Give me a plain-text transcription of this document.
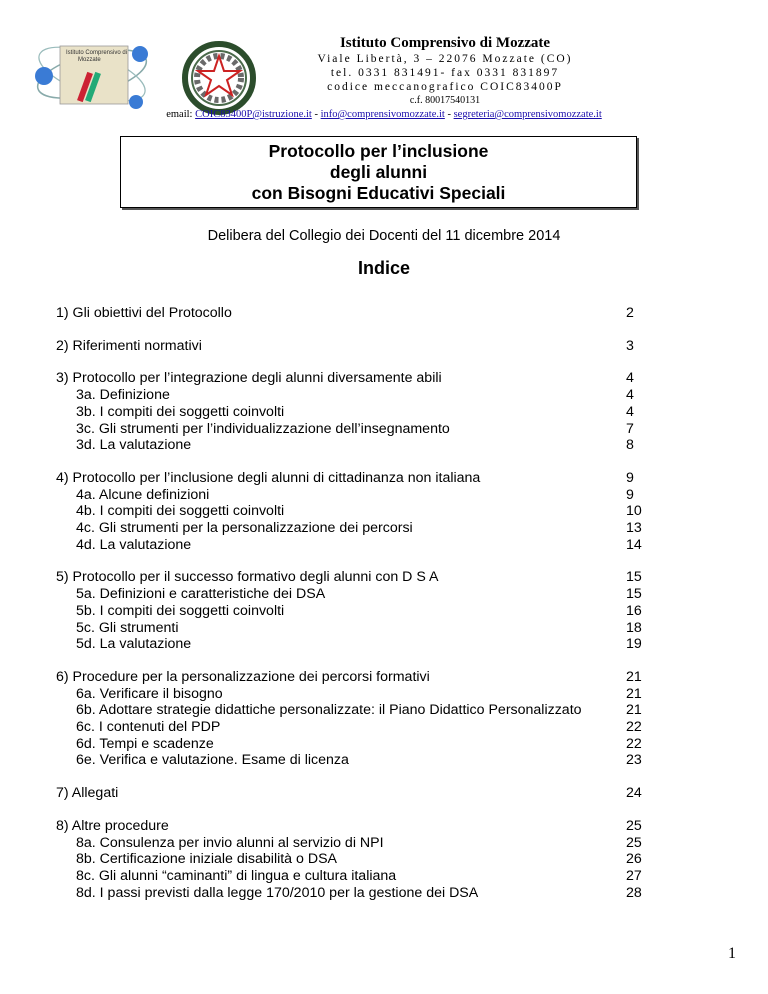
Istituto Comprensivo di
Mozzate
Istituto Comprensivo di Mozzate
Viale Libertà, 3 – 22076 Mozzate (CO)
tel. 0331 831491- fax 0331 831897
codice meccanografico COIC83400P
c.f. 80017540131
email: COIC83400P@istruzione.it - info@comprensivomozzate.it - segreteria@comprensivomozzate.it
Protocollo per l’inclusione
degli alunni
con Bisogni Educativi Speciali
Delibera del Collegio dei Docenti del 11 dicembre 2014
Indice
1) Gli obiettivi del Protocollo	2
2) Riferimenti normativi	3
3) Protocollo per l’integrazione degli alunni diversamente abili	4
3a. Definizione	4
3b. I compiti dei soggetti coinvolti	4
3c. Gli strumenti per l’individualizzazione dell’insegnamento	7
3d. La valutazione	8
4) Protocollo per l’inclusione degli alunni di cittadinanza non italiana	9
4a. Alcune definizioni	9
4b. I compiti dei soggetti coinvolti	10
4c. Gli strumenti per la personalizzazione dei percorsi	13
4d. La valutazione	14
5) Protocollo per il successo formativo degli alunni con D S A	15
5a. Definizioni e caratteristiche dei DSA	15
5b. I compiti dei soggetti coinvolti	16
5c. Gli strumenti	18
5d. La valutazione	19
6) Procedure per la personalizzazione dei percorsi formativi	21
6a. Verificare il bisogno	21
6b. Adottare strategie didattiche personalizzate: il Piano Didattico Personalizzato	21
6c. I contenuti del PDP	22
6d. Tempi e scadenze	22
6e. Verifica e valutazione. Esame di licenza	23
7) Allegati	24
8) Altre procedure	25
8a. Consulenza per invio alunni al servizio di NPI	25
8b. Certificazione iniziale disabilità o DSA	26
8c. Gli alunni “caminanti” di lingua e cultura italiana	27
8d. I passi previsti dalla legge 170/2010 per la gestione dei DSA	28
1
